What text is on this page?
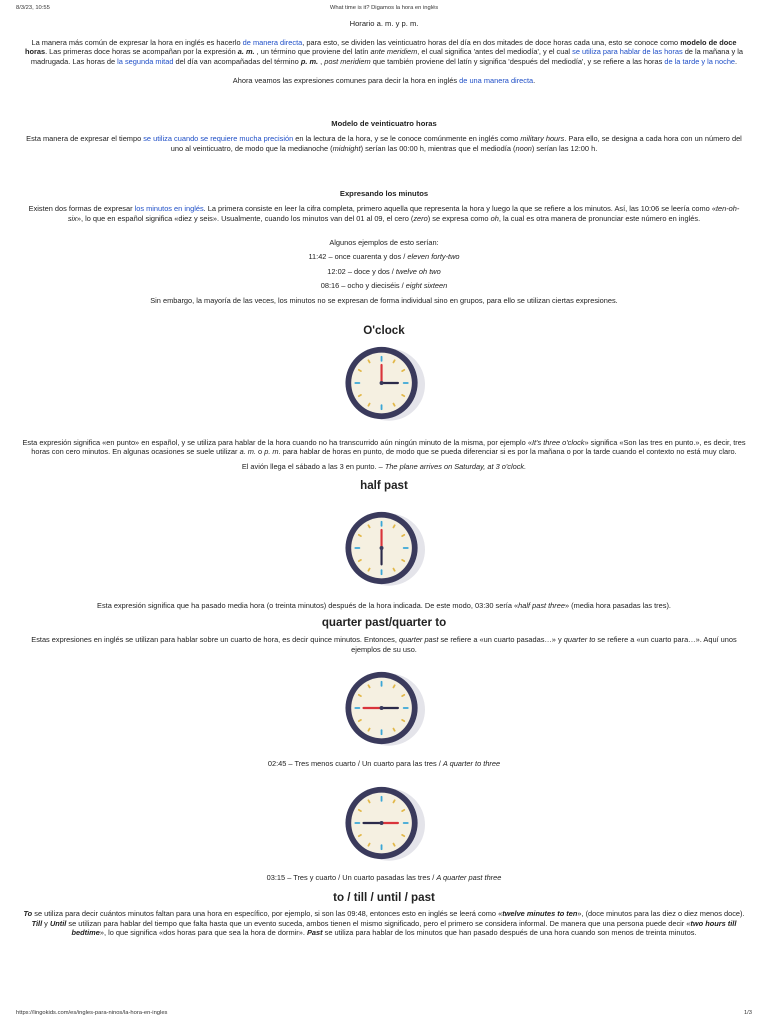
8/3/23, 10:55	What time is it? Digamos la hora en inglés

Horario a. m. y p. m.

La manera más común de expresar la hora en inglés es hacerlo de manera directa, para esto, se dividen las veinticuatro horas del día en dos mitades de doce horas cada una, esto se conoce como modelo de doce horas. Las primeras doce horas se acompañan por la expresión a. m. , un término que proviene del latín ante meridiem, el cual significa 'antes del mediodía', y el cual se utiliza para hablar de las horas de la mañana y la madrugada. Las horas de la segunda mitad del día van acompañadas del término p. m. , post meridiem que también proviene del latín y significa 'después del mediodía', y se refiere a las horas de la tarde y la noche.

Ahora veamos las expresiones comunes para decir la hora en inglés de una manera directa.

Modelo de veinticuatro horas

Esta manera de expresar el tiempo se utiliza cuando se requiere mucha precisión en la lectura de la hora, y se le conoce comúnmente en inglés como military hours. Para ello, se designa a cada hora con un número del uno al veinticuatro, de modo que la medianoche (midnight) serían las 00:00 h, mientras que el mediodía (noon) serían las 12:00 h.

Expresando los minutos

Existen dos formas de expresar los minutos en inglés. La primera consiste en leer la cifra completa, primero aquella que representa la hora y luego la que se refiere a los minutos. Así, las 10:06 se leería como «ten-oh-six», lo que en español significa «diez y seis». Usualmente, cuando los minutos van del 01 al 09, el cero (zero) se expresa como oh, la cual es otra manera de pronunciar este número en inglés.

Algunos ejemplos de esto serían:

11:42 – once cuarenta y dos / eleven forty-two

12:02 – doce y dos / twelve oh two

08:16 – ocho y dieciséis / eight sixteen

Sin embargo, la mayoría de las veces, los minutos no se expresan de forma individual sino en grupos, para ello se utilizan ciertas expresiones.

O'clock

Esta expresión significa «en punto» en español, y se utiliza para hablar de la hora cuando no ha transcurrido aún ningún minuto de la misma, por ejemplo «It's three o'clock» significa «Son las tres en punto.», es decir, tres horas con cero minutos. En algunas ocasiones se suele utilizar a. m. o p. m. para hablar de horas en punto, de modo que se pueda diferenciar si es por la mañana o por la tarde cuando el contexto no está muy claro.

El avión llega el sábado a las 3 en punto. – The plane arrives on Saturday, at 3 o'clock.

half past

Esta expresión significa que ha pasado media hora (o treinta minutos) después de la hora indicada. De este modo, 03:30 sería «half past three» (media hora pasadas las tres).

quarter past/quarter to

Estas expresiones en inglés se utilizan para hablar sobre un cuarto de hora, es decir quince minutos. Entonces, quarter past se refiere a «un cuarto pasadas…» y quarter to se refiere a «un cuarto para…». Aquí unos ejemplos de su uso.

02:45 – Tres menos cuarto / Un cuarto para las tres / A quarter to three

03:15 – Tres y cuarto / Un cuarto pasadas las tres / A quarter past three

to / till / until / past

To se utiliza para decir cuántos minutos faltan para una hora en específico, por ejemplo, si son las 09:48, entonces esto en inglés se leerá como «twelve minutes to ten», (doce minutos para las diez o diez menos doce). Till y Until se utilizan para hablar del tiempo que falta hasta que un evento suceda, ambos tienen el mismo significado, pero el primero se considera informal. De manera que una persona puede decir «two hours till bedtime», lo que significa «dos horas para que sea la hora de dormir». Past se utiliza para hablar de los minutos que han pasado después de una hora cuando son menos de treinta minutos.

https://lingokids.com/es/ingles-para-ninos/la-hora-en-ingles	1/3
